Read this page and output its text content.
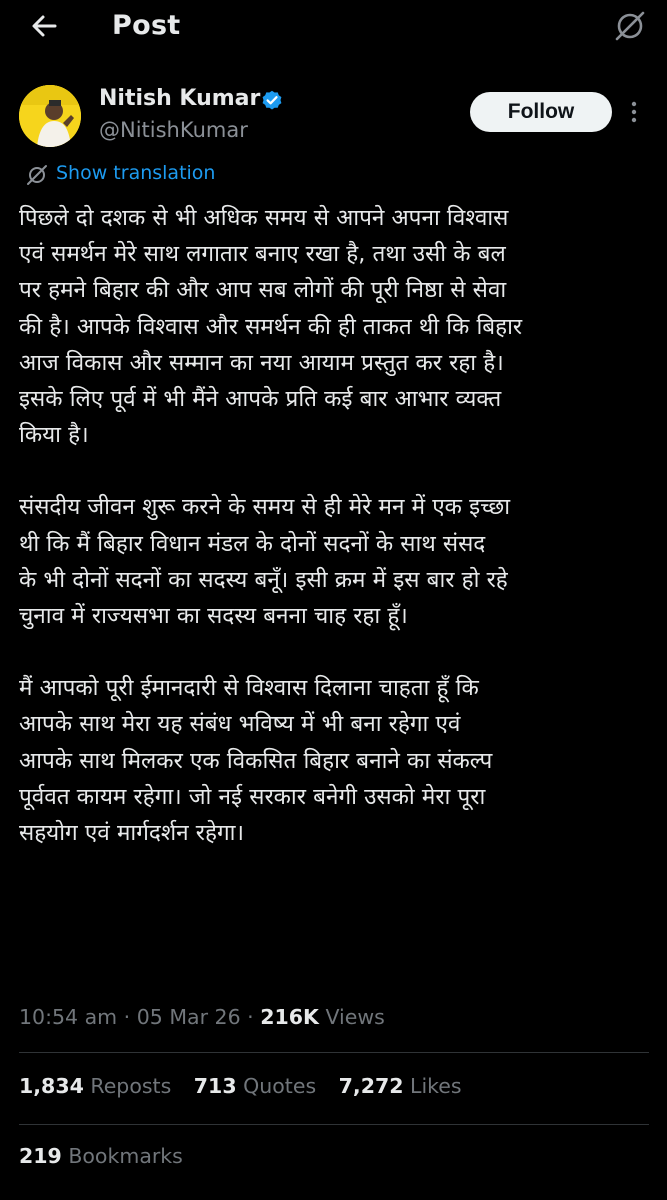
Post
Nitish Kumar
@NitishKumar
Follow
Show translation

पिछले दो दशक से भी अधिक समय से आपने अपना विश्वास
एवं समर्थन मेरे साथ लगातार बनाए रखा है, तथा उसी के बल
पर हमने बिहार की और आप सब लोगों की पूरी निष्ठा से सेवा
की है। आपके विश्वास और समर्थन की ही ताकत थी कि बिहार
आज विकास और सम्मान का नया आयाम प्रस्तुत कर रहा है।
इसके लिए पूर्व में भी मैंने आपके प्रति कई बार आभार व्यक्त
किया है।

संसदीय जीवन शुरू करने के समय से ही मेरे मन में एक इच्छा
थी कि मैं बिहार विधान मंडल के दोनों सदनों के साथ संसद
के भी दोनों सदनों का सदस्य बनूँ। इसी क्रम में इस बार हो रहे
चुनाव में राज्यसभा का सदस्य बनना चाह रहा हूँ।

मैं आपको पूरी ईमानदारी से विश्वास दिलाना चाहता हूँ कि
आपके साथ मेरा यह संबंध भविष्य में भी बना रहेगा एवं
आपके साथ मिलकर एक विकसित बिहार बनाने का संकल्प
पूर्ववत कायम रहेगा। जो नई सरकार बनेगी उसको मेरा पूरा
सहयोग एवं मार्गदर्शन रहेगा।

10:54 am · 05 Mar 26 · 216K Views
1,834 Reposts 713 Quotes 7,272 Likes
219 Bookmarks
